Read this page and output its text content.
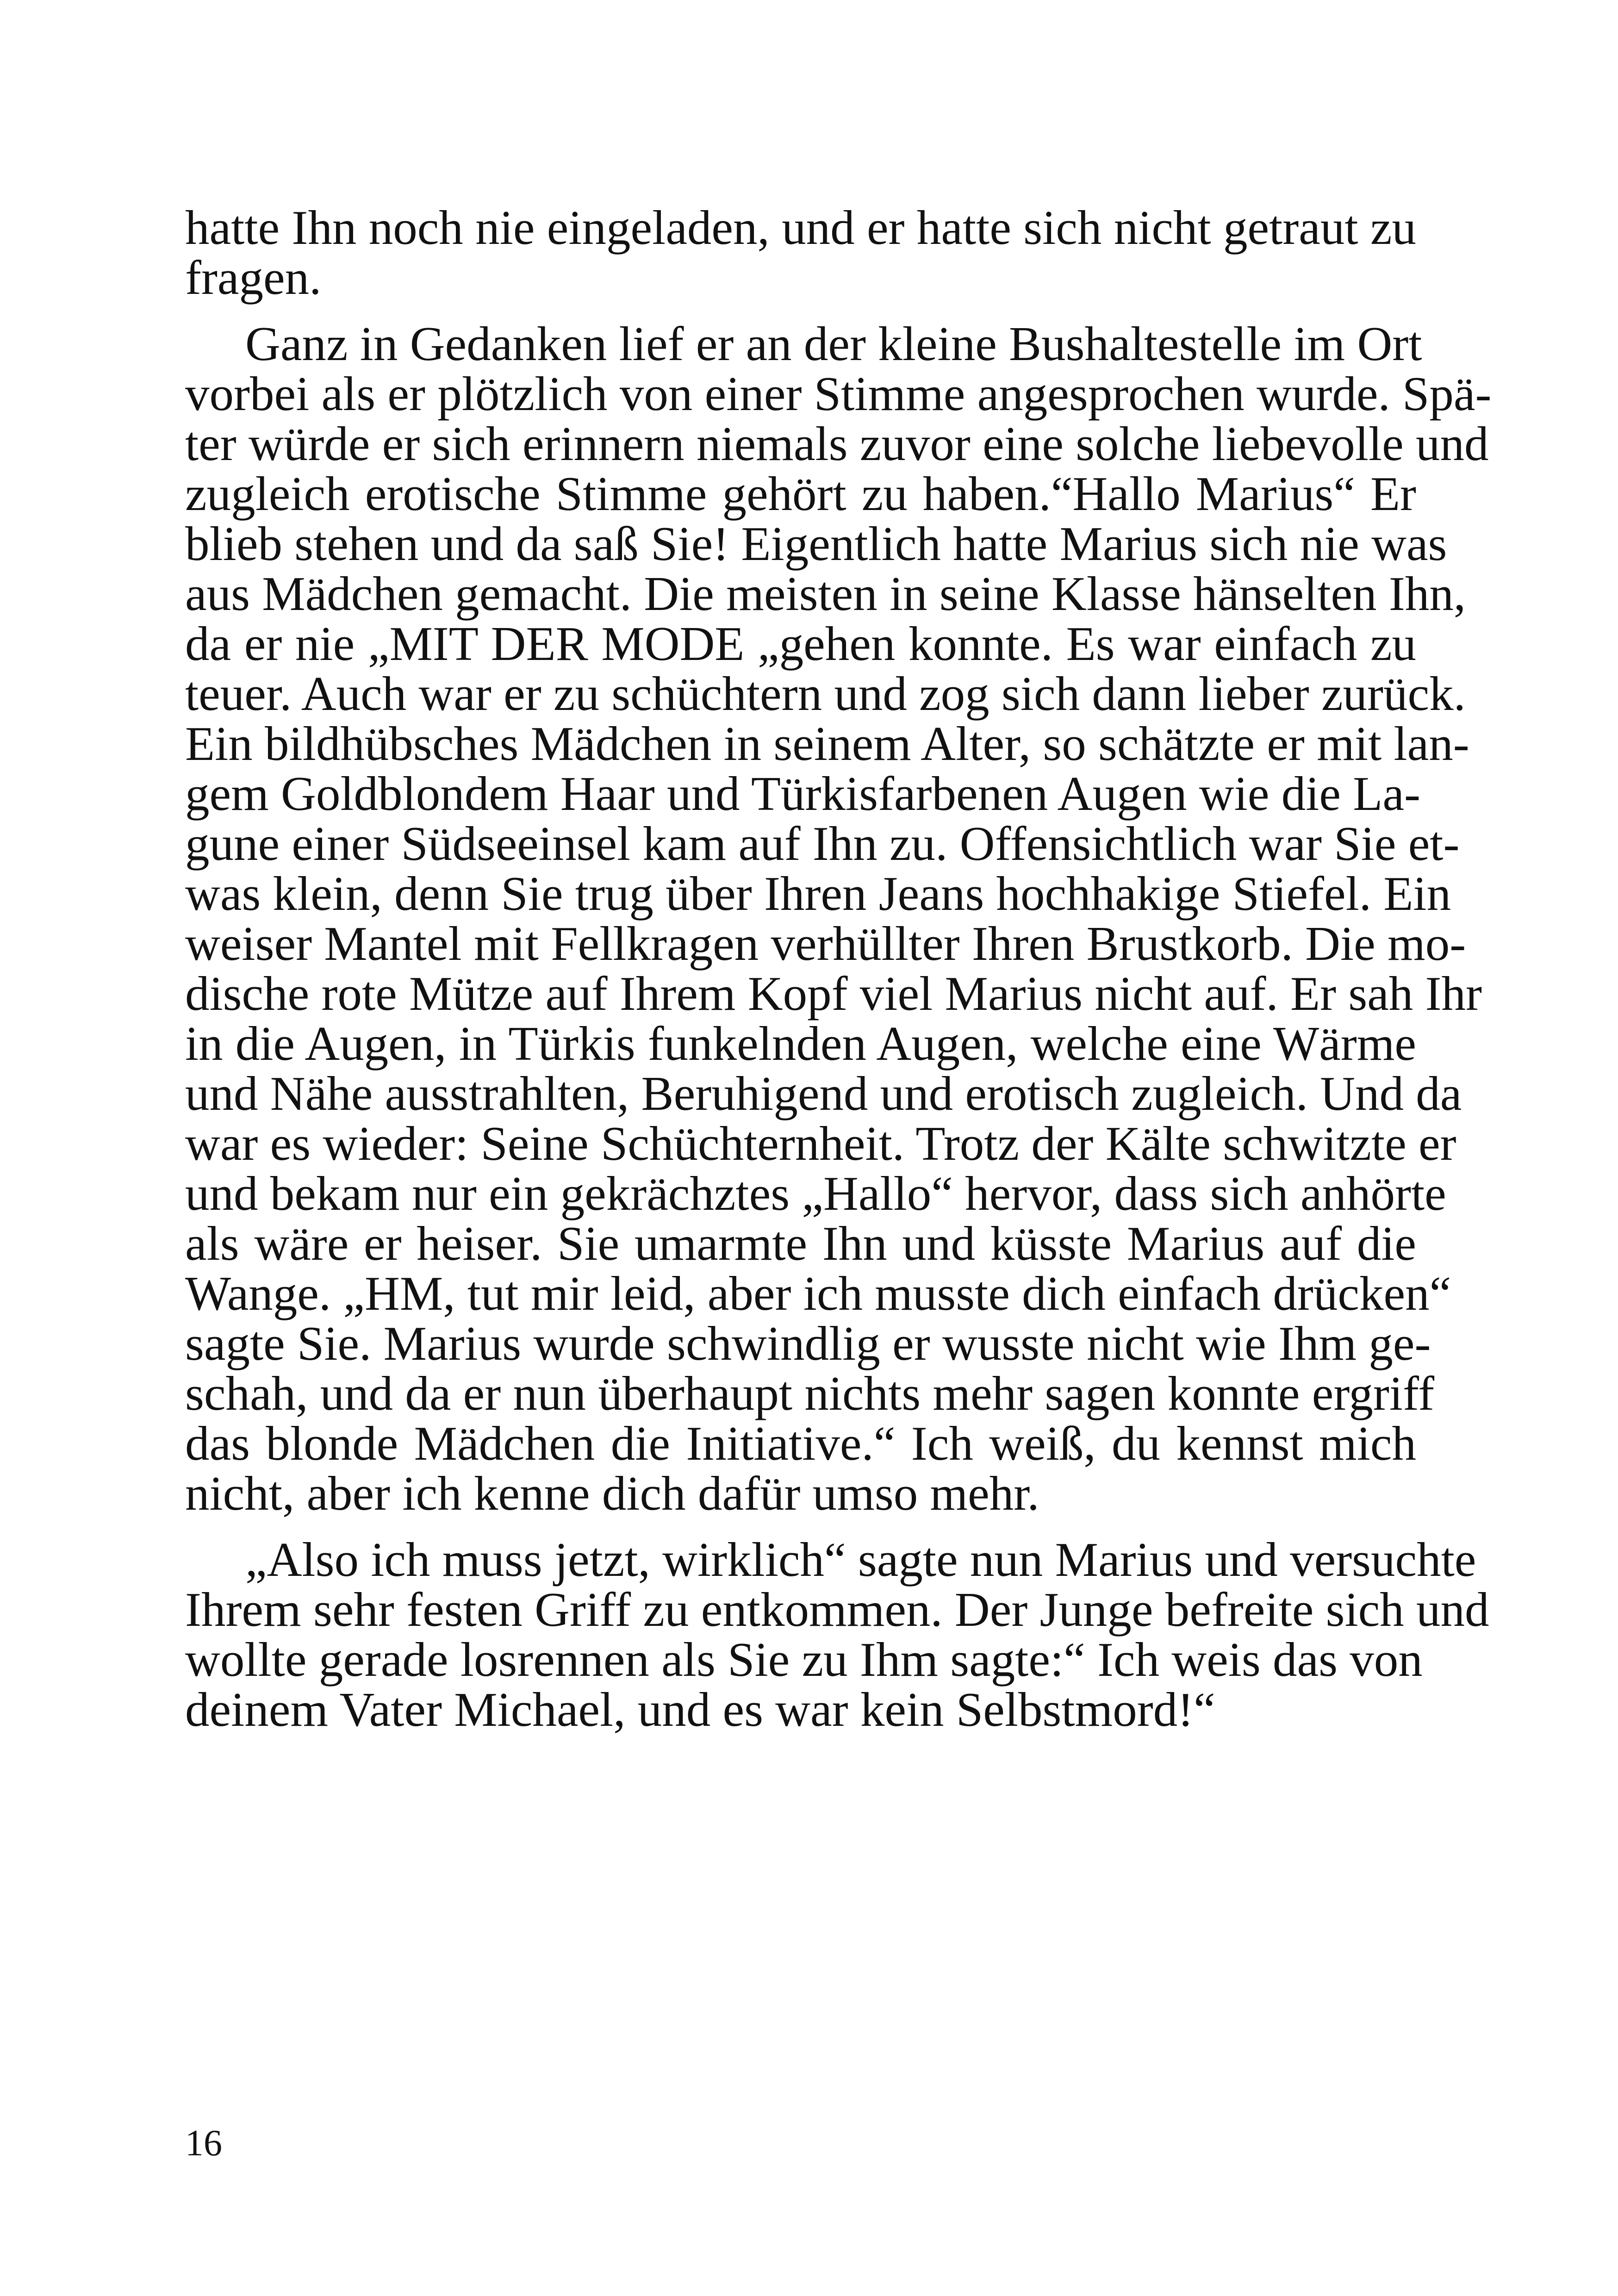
hatte Ihn noch nie eingeladen, und er hatte sich nicht getraut zu
fragen.
Ganz in Gedanken lief er an der kleine Bushaltestelle im Ort
vorbei als er plötzlich von einer Stimme angesprochen wurde. Spä-
ter würde er sich erinnern niemals zuvor eine solche liebevolle und
zugleich erotische Stimme gehört zu haben.“Hallo Marius“ Er
blieb stehen und da saß Sie! Eigentlich hatte Marius sich nie was
aus Mädchen gemacht. Die meisten in seine Klasse hänselten Ihn,
da er nie „MIT DER MODE „gehen konnte. Es war einfach zu
teuer. Auch war er zu schüchtern und zog sich dann lieber zurück.
Ein bildhübsches Mädchen in seinem Alter, so schätzte er mit lan-
gem Goldblondem Haar und Türkisfarbenen Augen wie die La-
gune einer Südseeinsel kam auf Ihn zu. Offensichtlich war Sie et-
was klein, denn Sie trug über Ihren Jeans hochhakige Stiefel. Ein
weiser Mantel mit Fellkragen verhüllter Ihren Brustkorb. Die mo-
dische rote Mütze auf Ihrem Kopf viel Marius nicht auf. Er sah Ihr
in die Augen, in Türkis funkelnden Augen, welche eine Wärme
und Nähe ausstrahlten, Beruhigend und erotisch zugleich. Und da
war es wieder: Seine Schüchternheit. Trotz der Kälte schwitzte er
und bekam nur ein gekrächztes „Hallo“ hervor, dass sich anhörte
als wäre er heiser. Sie umarmte Ihn und küsste Marius auf die
Wange. „HM, tut mir leid, aber ich musste dich einfach drücken“
sagte Sie. Marius wurde schwindlig er wusste nicht wie Ihm ge-
schah, und da er nun überhaupt nichts mehr sagen konnte ergriff
das blonde Mädchen die Initiative.“ Ich weiß, du kennst mich
nicht, aber ich kenne dich dafür umso mehr.
„Also ich muss jetzt, wirklich“ sagte nun Marius und versuchte
Ihrem sehr festen Griff zu entkommen. Der Junge befreite sich und
wollte gerade losrennen als Sie zu Ihm sagte:“ Ich weis das von
deinem Vater Michael, und es war kein Selbstmord!“
16
